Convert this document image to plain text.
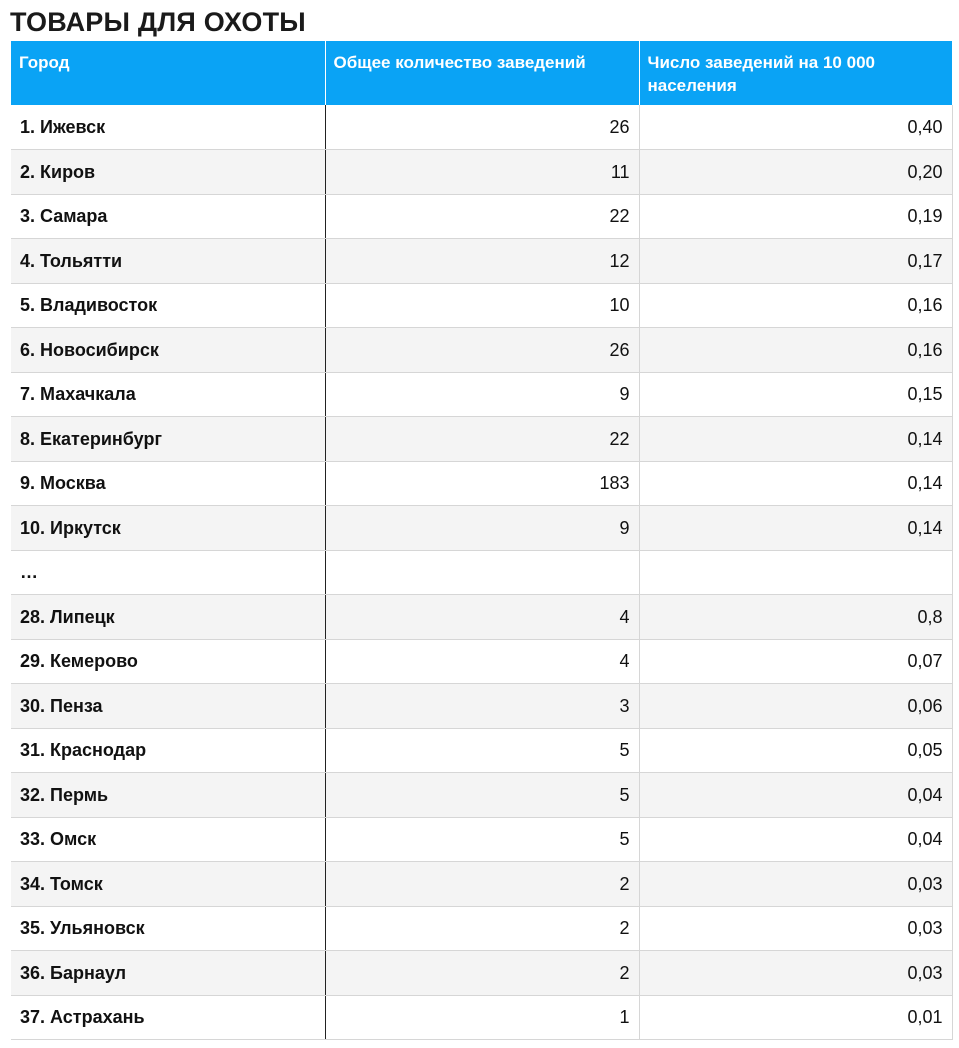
ТОВАРЫ ДЛЯ ОХОТЫ
Город	Общее количество заведений	Число заведений на 10 000 населения
1. Ижевск	26	0,40
2. Киров	11	0,20
3. Самара	22	0,19
4. Тольятти	12	0,17
5. Владивосток	10	0,16
6. Новосибирск	26	0,16
7. Махачкала	9	0,15
8. Екатеринбург	22	0,14
9. Москва	183	0,14
10. Иркутск	9	0,14
…		
28. Липецк	4	0,8
29. Кемерово	4	0,07
30. Пенза	3	0,06
31. Краснодар	5	0,05
32. Пермь	5	0,04
33. Омск	5	0,04
34. Томск	2	0,03
35. Ульяновск	2	0,03
36. Барнаул	2	0,03
37. Астрахань	1	0,01
